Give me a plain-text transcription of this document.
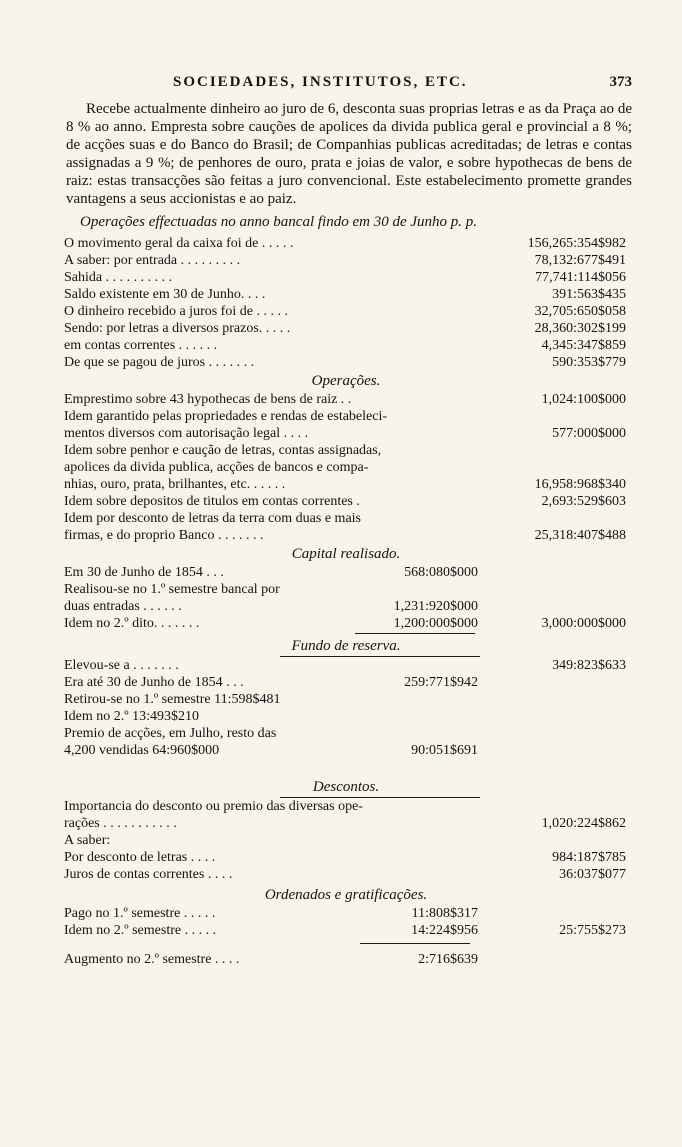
SOCIEDADES, INSTITUTOS, ETC.	373

Recebe actualmente dinheiro ao juro de 6, desconta suas proprias letras e as da Praça ao de 8 % ao anno. Empresta sobre cauções de apolices da divida publica geral e provincial a 8 %; de acções suas e do Banco do Brasil; de Companhias publicas acreditadas; de letras e contas assignadas a 9 %; de penhores de ouro, prata e joias de valor, e sobre hypothecas de bens de raiz: estas transacções são feitas a juro convencional. Este estabelecimento promette grandes vantagens a seus accionistas e ao paiz.

Operações effectuadas no anno bancal findo em 30 de Junho p. p.
O movimento geral da caixa foi de . . . . .	156,265:354$982
A saber: por entrada . . . . . . . . .	78,132:677$491
Sahida . . . . . . . . . .	77,741:114$056
Saldo existente em 30 de Junho. . . .	391:563$435
O dinheiro recebido a juros foi de . . . . .	32,705:650$058
Sendo: por letras a diversos prazos. . . . .	28,360:302$199
em contas correntes . . . . . .	4,345:347$859
De que se pagou de juros . . . . . . .	590:353$779
Operações.
Emprestimo sobre 43 hypothecas de bens de raiz . .	1,024:100$000
Idem garantido pelas propriedades e rendas de estabeleci-
mentos diversos com autorisação legal . . . .	577:000$000
Idem sobre penhor e caução de letras, contas assignadas,
apolices da divida publica, acções de bancos e compa-
nhias, ouro, prata, brilhantes, etc. . . . . .	16,958:968$340
Idem sobre depositos de titulos em contas correntes .	2,693:529$603
Idem por desconto de letras da terra com duas e mais
firmas, e do proprio Banco . . . . . . .	25,318:407$488
Capital realisado.
Em 30 de Junho de 1854 . . .	568:080$000
Realisou-se no 1.º semestre bancal por
duas entradas . . . . . .	1,231:920$000
Idem no 2.º dito. . . . . . .	1,200:000$000	3,000:000$000
Fundo de reserva.
Elevou-se a . . . . . . .	349:823$633
Era até 30 de Junho de 1854 . . .	259:771$942
Retirou-se no 1.º semestre 11:598$481
Idem no 2.º 13:493$210
Premio de acções, em Julho, resto das
4,200 vendidas 64:960$000	90:051$691
Descontos.
Importancia do desconto ou premio das diversas ope-
rações . . . . . . . . . . .	1,020:224$862
A saber:
Por desconto de letras . . . .	984:187$785
Juros de contas correntes . . . .	36:037$077
Ordenados e gratificações.
Pago no 1.º semestre . . . . .	11:808$317
Idem no 2.º semestre . . . . .	14:224$956	25:755$273
Augmento no 2.º semestre . . . .	2:716$639
